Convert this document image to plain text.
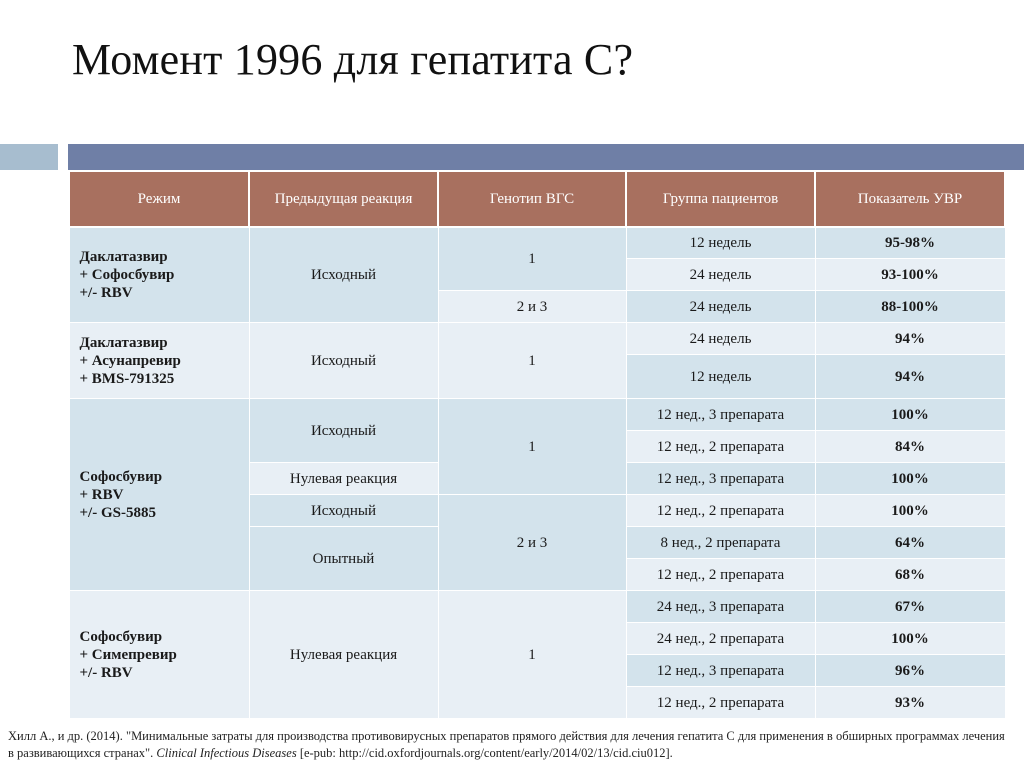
Момент 1996 для гепатита С?
Режим	Предыдущая реакция	Генотип ВГС	Группа пациентов	Показатель УВР

Даклатазвир
+ Софосбувир
+/- RBV	Исходный	1	12 недель	95-98%
			24 недель	93-100%
		2 и 3	24 недель	88-100%

Даклатазвир
+ Асунапревир
+ BMS-791325	Исходный	1	24 недель	94%
			12 недель	94%

Софосбувир
+ RBV
+/- GS-5885	Исходный	1	12 нед., 3 препарата	100%
			12 нед., 2 препарата	84%
	Нулевая реакция		12 нед., 3 препарата	100%
	Исходный	2 и 3	12 нед., 2 препарата	100%
	Опытный		8 нед., 2 препарата	64%
			12 нед., 2 препарата	68%

Софосбувир
+ Симепревир
+/- RBV	Нулевая реакция	1	24 нед., 3 препарата	67%
			24 нед., 2 препарата	100%
			12 нед., 3 препарата	96%
			12 нед., 2 препарата	93%
Хилл А., и др. (2014). "Минимальные затраты для производства противовирусных препаратов прямого действия для лечения гепатита С для применения в обширных программах лечения в развивающихся странах". Clinical Infectious Diseases [e-pub: http://cid.oxfordjournals.org/content/early/2014/02/13/cid.ciu012].
